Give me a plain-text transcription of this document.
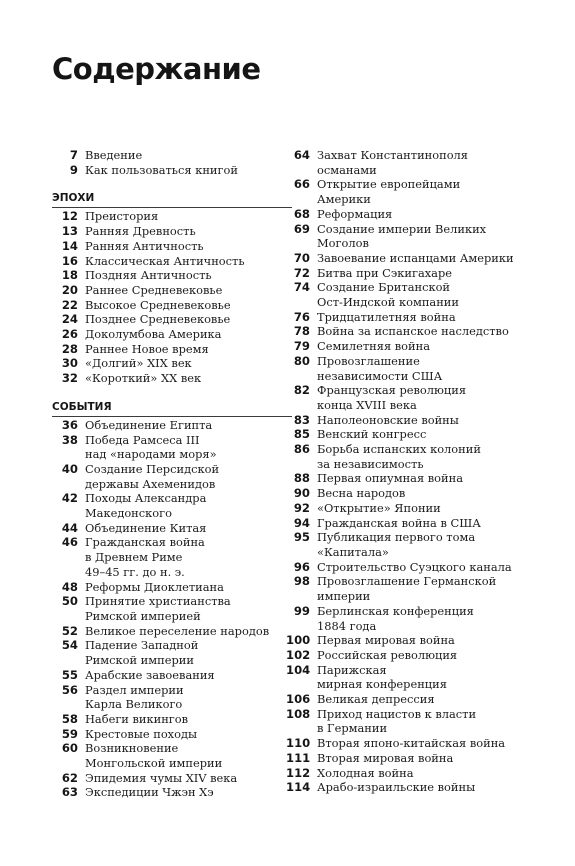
Содержание
7 Введение
9 Как пользоваться книгой
ЭПОХИ
12 Преистория
13 Ранняя Древность
14 Ранняя Античность
16 Классическая Античность
18 Поздняя Античность
20 Раннее Средневековье
22 Высокое Средневековье
24 Позднее Средневековье
26 Доколумбова Америка
28 Раннее Новое время
30 «Долгий» XIX век
32 «Короткий» XX век
СОБЫТИЯ
36 Объединение Египта
38 Победа Рамсеса III
над «народами моря»
40 Создание Персидской
державы Ахеменидов
42 Походы Александра
Македонского
44 Объединение Китая
46 Гражданская война
в Древнем Риме
49–45 гг. до н. э.
48 Реформы Диоклетиана
50 Принятие христианства
Римской империей
52 Великое переселение народов
54 Падение Западной
Римской империи
55 Арабские завоевания
56 Раздел империи
Карла Великого
58 Набеги викингов
59 Крестовые походы
60 Возникновение
Монгольской империи
62 Эпидемия чумы XIV века
63 Экспедиции Чжэн Хэ
64 Захват Константинополя
османами
66 Открытие европейцами
Америки
68 Реформация
69 Создание империи Великих
Моголов
70 Завоевание испанцами Америки
72 Битва при Сэкигахаре
74 Создание Британской
Ост-Индской компании
76 Тридцатилетняя война
78 Война за испанское наследство
79 Семилетняя война
80 Провозглашение
независимости США
82 Французская революция
конца XVIII века
83 Наполеоновские войны
85 Венский конгресс
86 Борьба испанских колоний
за независимость
88 Первая опиумная война
90 Весна народов
92 «Открытие» Японии
94 Гражданская война в США
95 Публикация первого тома
«Капитала»
96 Строительство Суэцкого канала
98 Провозглашение Германской
империи
99 Берлинская конференция
1884 года
100 Первая мировая война
102 Российская революция
104 Парижская
мирная конференция
106 Великая депрессия
108 Приход нацистов к власти
в Германии
110 Вторая японо-китайская война
111 Вторая мировая война
112 Холодная война
114 Арабо-израильские войны
